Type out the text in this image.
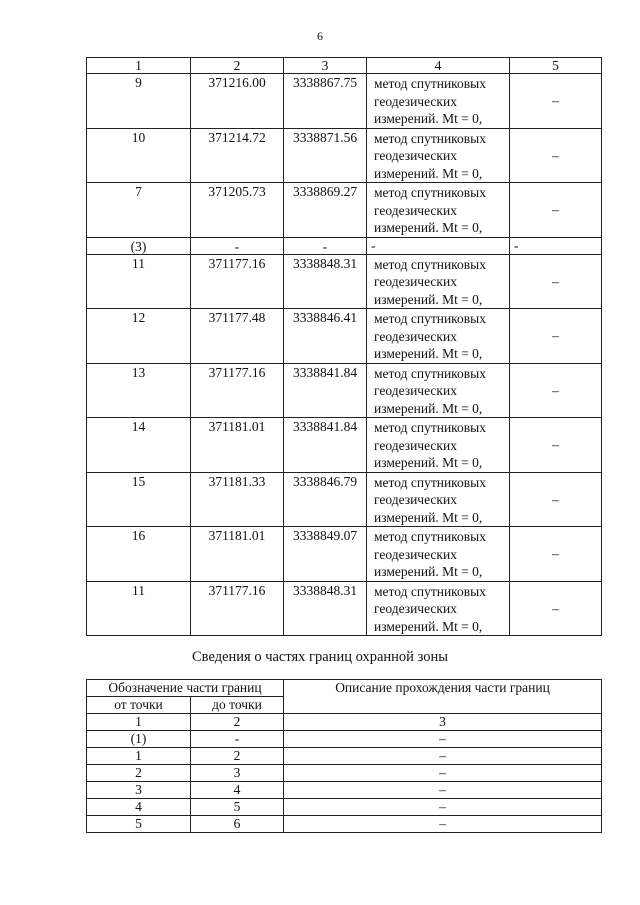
6
1	2	3	4	5
9	371216.00	3338867.75	метод спутниковых
геодезических
измерений. Mt = 0,	–
10	371214.72	3338871.56	метод спутниковых
геодезических
измерений. Mt = 0,	–
7	371205.73	3338869.27	метод спутниковых
геодезических
измерений. Mt = 0,	–
(3)	-	-	-	-
11	371177.16	3338848.31	метод спутниковых
геодезических
измерений. Mt = 0,	–
12	371177.48	3338846.41	метод спутниковых
геодезических
измерений. Mt = 0,	–
13	371177.16	3338841.84	метод спутниковых
геодезических
измерений. Mt = 0,	–
14	371181.01	3338841.84	метод спутниковых
геодезических
измерений. Mt = 0,	–
15	371181.33	3338846.79	метод спутниковых
геодезических
измерений. Mt = 0,	–
16	371181.01	3338849.07	метод спутниковых
геодезических
измерений. Mt = 0,	–
11	371177.16	3338848.31	метод спутниковых
геодезических
измерений. Mt = 0,	–
Сведения о частях границ охранной зоны
Обозначение части границ		Описание прохождения части границ
от точки	до точки	
1	2	3
(1)	-	–
1	2	–
2	3	–
3	4	–
4	5	–
5	6	–
